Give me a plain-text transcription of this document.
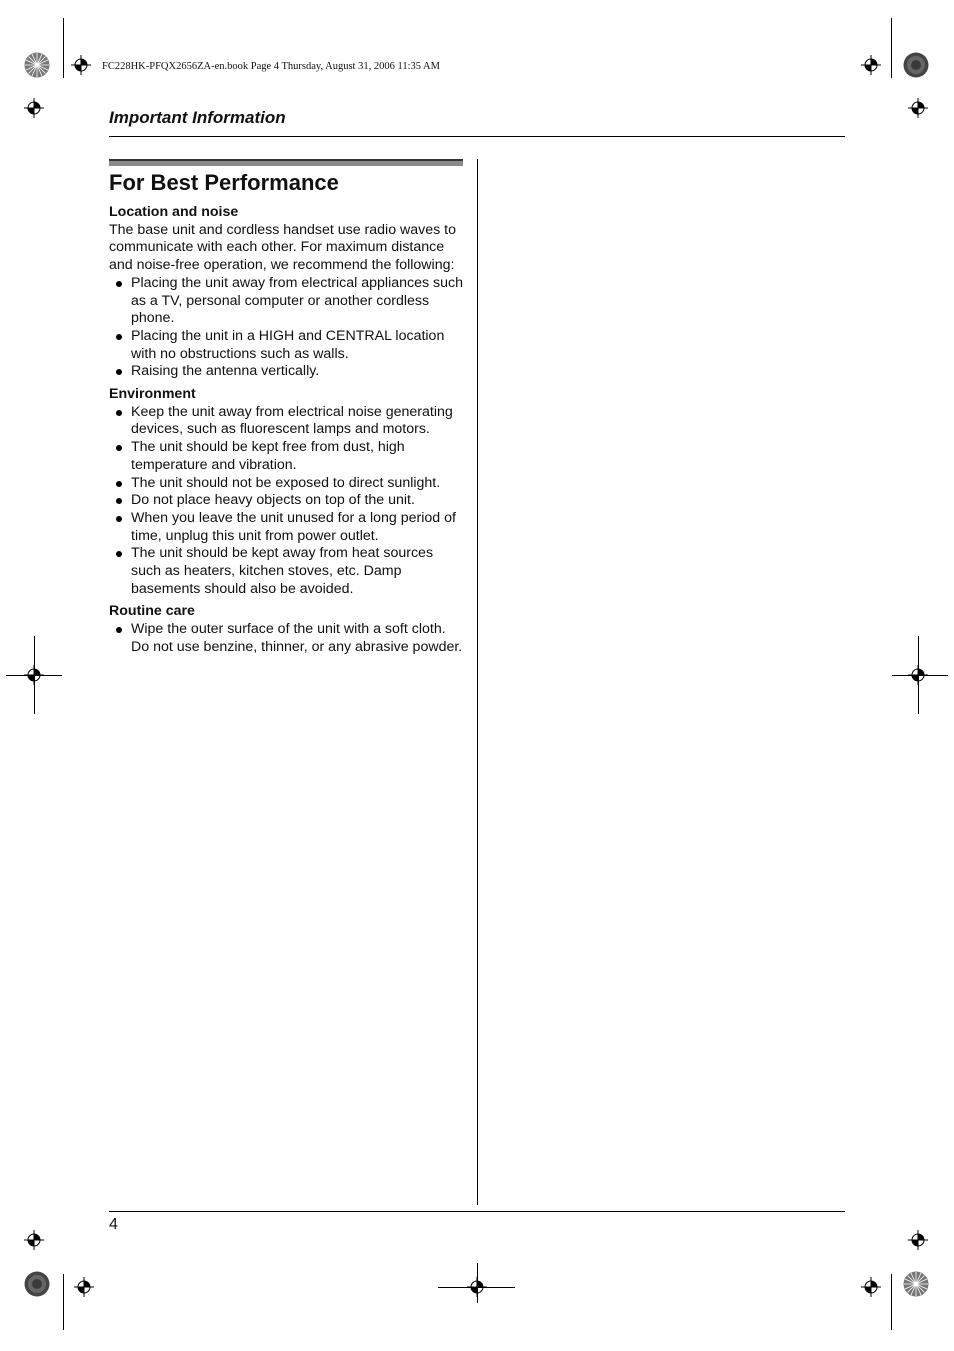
FC228HK-PFQX2656ZA-en.book Page 4 Thursday, August 31, 2006 11:35 AM
Important Information
For Best Performance

Location and noise

The base unit and cordless handset use radio waves to communicate with each other. For maximum distance and noise-free operation, we recommend the following:

Placing the unit away from electrical appliances such as a TV, personal computer or another cordless phone.
Placing the unit in a HIGH and CENTRAL location with no obstructions such as walls.
Raising the antenna vertically.

Environment

Keep the unit away from electrical noise generating devices, such as fluorescent lamps and motors.
The unit should be kept free from dust, high temperature and vibration.
The unit should not be exposed to direct sunlight.
Do not place heavy objects on top of the unit.
When you leave the unit unused for a long period of time, unplug this unit from power outlet.
The unit should be kept away from heat sources such as heaters, kitchen stoves, etc. Damp basements should also be avoided.

Routine care

Wipe the outer surface of the unit with a soft cloth. Do not use benzine, thinner, or any abrasive powder.
4
